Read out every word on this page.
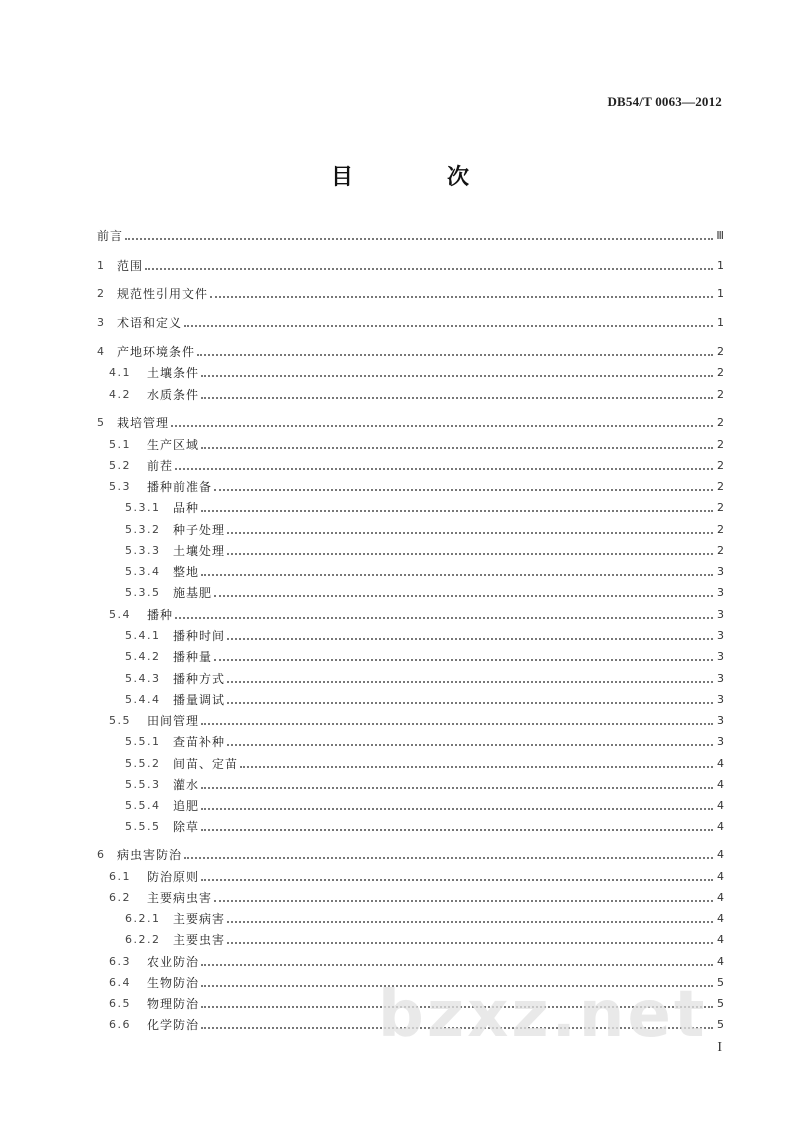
DB54/T 0063—2012
目　次
前言	Ⅲ
1 范围	1
2 规范性引用文件	1
3 术语和定义	1
4 产地环境条件	2
4.1	土壤条件	2
4.2	水质条件	2
5 栽培管理	2
5.1	生产区域	2
5.2	前茬	2
5.3	播种前准备	2
5.3.1	品种	2
5.3.2	种子处理	2
5.3.3	土壤处理	2
5.3.4	整地	3
5.3.5	施基肥	3
5.4	播种	3
5.4.1	播种时间	3
5.4.2	播种量	3
5.4.3	播种方式	3
5.4.4	播量调试	3
5.5	田间管理	3
5.5.1	查苗补种	3
5.5.2	间苗、定苗	4
5.5.3	灌水	4
5.5.4	追肥	4
5.5.5	除草	4
6 病虫害防治	4
6.1	防治原则	4
6.2	主要病虫害	4
6.2.1	主要病害	4
6.2.2	主要虫害	4
6.3	农业防治	4
6.4	生物防治	5
6.5	物理防治	5
6.6	化学防治	5
I
bzxz.net
